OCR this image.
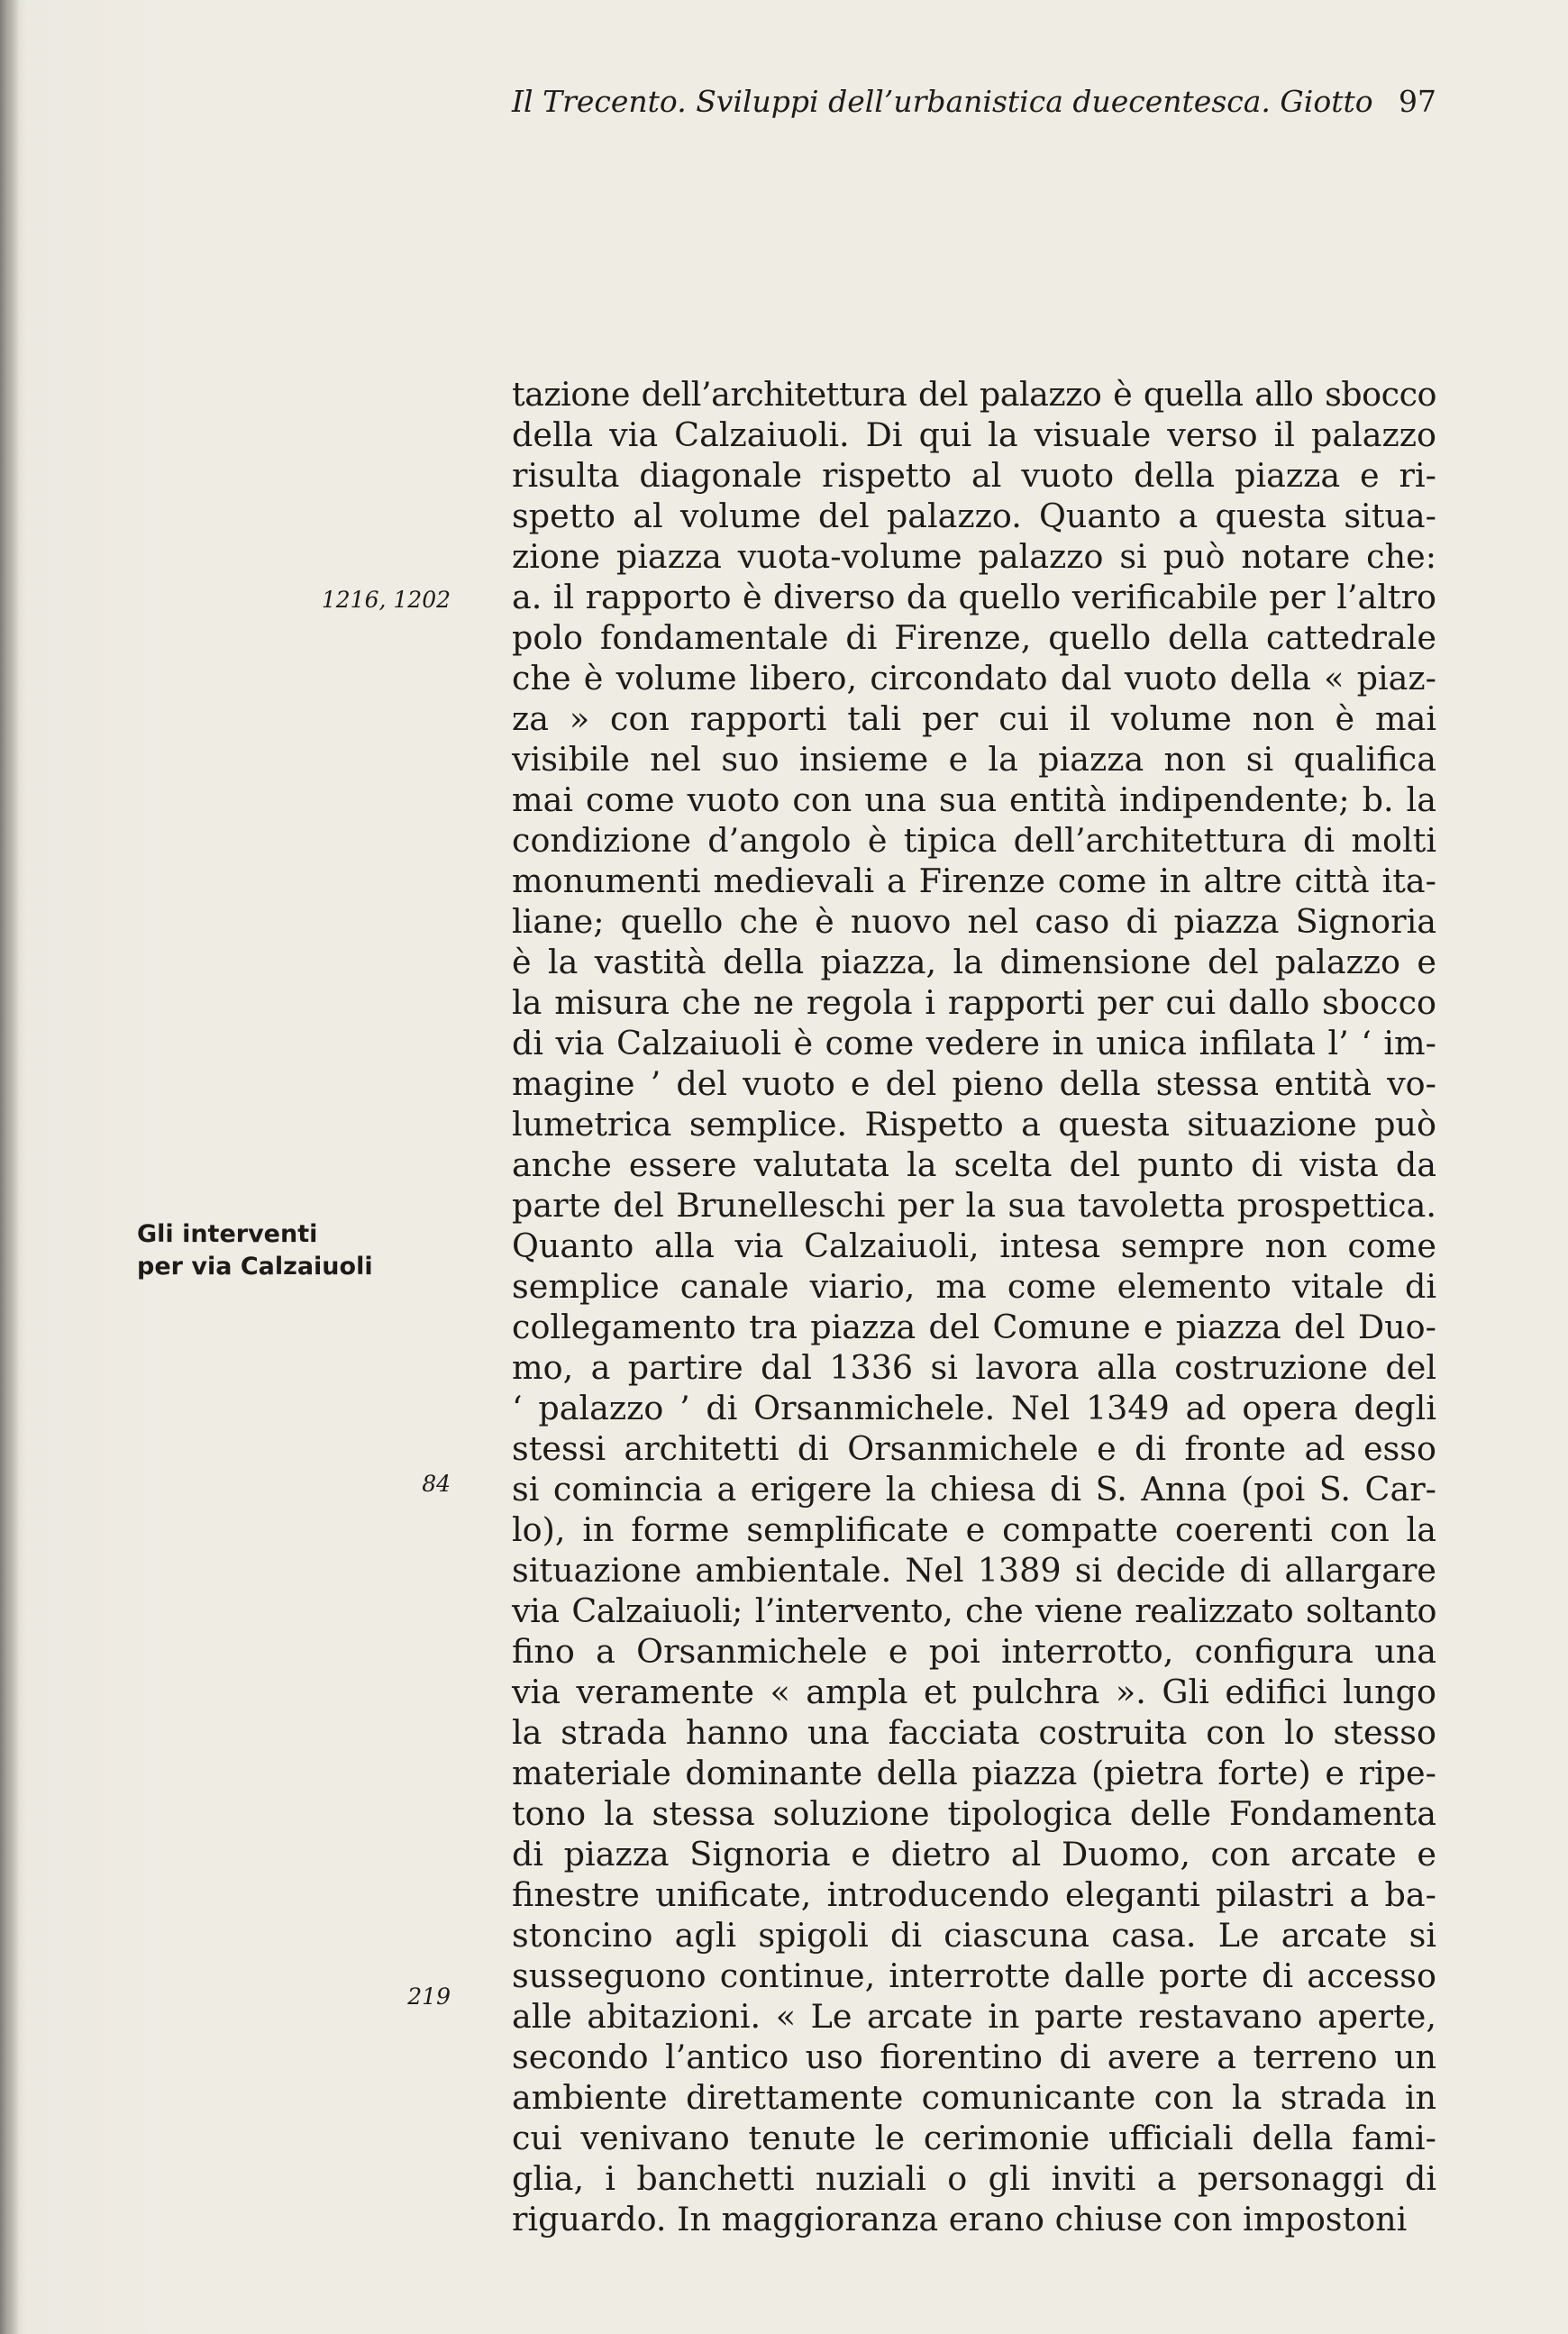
Il Trecento. Sviluppi dell’urbanistica duecentesca. Giotto 97
1216, 1202
84
219
Gli interventi
per via Calzaiuoli
tazione dell’architettura del palazzo è quella allo sbocco
della via Calzaiuoli. Di qui la visuale verso il palazzo
risulta diagonale rispetto al vuoto della piazza e ri-
spetto al volume del palazzo. Quanto a questa situa-
zione piazza vuota-volume palazzo si può notare che:
a. il rapporto è diverso da quello verificabile per l’altro
polo fondamentale di Firenze, quello della cattedrale
che è volume libero, circondato dal vuoto della « piaz-
za » con rapporti tali per cui il volume non è mai
visibile nel suo insieme e la piazza non si qualifica
mai come vuoto con una sua entità indipendente; b. la
condizione d’angolo è tipica dell’architettura di molti
monumenti medievali a Firenze come in altre città ita-
liane; quello che è nuovo nel caso di piazza Signoria
è la vastità della piazza, la dimensione del palazzo e
la misura che ne regola i rapporti per cui dallo sbocco
di via Calzaiuoli è come vedere in unica infilata l’ ‘ im-
magine ’ del vuoto e del pieno della stessa entità vo-
lumetrica semplice. Rispetto a questa situazione può
anche essere valutata la scelta del punto di vista da
parte del Brunelleschi per la sua tavoletta prospettica.
Quanto alla via Calzaiuoli, intesa sempre non come
semplice canale viario, ma come elemento vitale di
collegamento tra piazza del Comune e piazza del Duo-
mo, a partire dal 1336 si lavora alla costruzione del
‘ palazzo ’ di Orsanmichele. Nel 1349 ad opera degli
stessi architetti di Orsanmichele e di fronte ad esso
si comincia a erigere la chiesa di S. Anna (poi S. Car-
lo), in forme semplificate e compatte coerenti con la
situazione ambientale. Nel 1389 si decide di allargare
via Calzaiuoli; l’intervento, che viene realizzato soltanto
fino a Orsanmichele e poi interrotto, configura una
via veramente « ampla et pulchra ». Gli edifici lungo
la strada hanno una facciata costruita con lo stesso
materiale dominante della piazza (pietra forte) e ripe-
tono la stessa soluzione tipologica delle Fondamenta
di piazza Signoria e dietro al Duomo, con arcate e
finestre unificate, introducendo eleganti pilastri a ba-
stoncino agli spigoli di ciascuna casa. Le arcate si
susseguono continue, interrotte dalle porte di accesso
alle abitazioni. « Le arcate in parte restavano aperte,
secondo l’antico uso fiorentino di avere a terreno un
ambiente direttamente comunicante con la strada in
cui venivano tenute le cerimonie ufficiali della fami-
glia, i banchetti nuziali o gli inviti a personaggi di
riguardo. In maggioranza erano chiuse con impostoni
